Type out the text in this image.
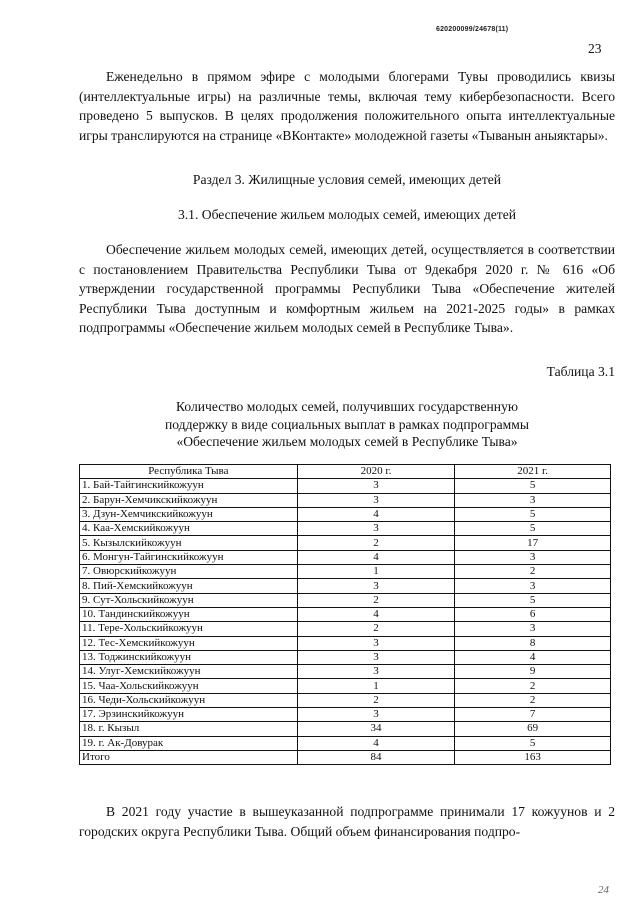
620200099/24678(11)
23

Еженедельно в прямом эфире с молодыми блогерами Тувы проводились квизы (интеллектуальные игры) на различные темы, включая тему кибербезопасности. Всего проведено 5 выпусков. В целях продолжения положительного опыта интеллектуальные игры транслируются на странице «ВКонтакте» молодежной газеты «Тыванын аныяктары».

Раздел 3. Жилищные условия семей, имеющих детей

3.1. Обеспечение жильем молодых семей, имеющих детей

Обеспечение жильем молодых семей, имеющих детей, осуществляется в соответствии с постановлением Правительства Республики Тыва от 9декабря 2020 г. № 616 «Об утверждении государственной программы Республики Тыва «Обеспечение жителей Республики Тыва доступным и комфортным жильем на 2021-2025 годы» в рамках подпрограммы «Обеспечение жильем молодых семей в Республике Тыва».

Таблица 3.1

Количество молодых семей, получивших государственную
поддержку в виде социальных выплат в рамках подпрограммы
«Обеспечение жильем молодых семей в Республике Тыва»
Республика Тыва	2020 г.	2021 г.
1. Бай-Тайгинскийкожуун	3	5
2. Барун-Хемчикскийкожуун	3	3
3. Дзун-Хемчикскийкожуун	4	5
4. Каа-Хемскийкожуун	3	5
5. Кызылскийкожуун	2	17
6. Монгун-Тайгинскийкожуун	4	3
7. Овюрскийкожуун	1	2
8. Пий-Хемскийкожуун	3	3
9. Сут-Хольскийкожуун	2	5
10. Тандинскийкожуун	4	6
11. Тере-Хольскийкожуун	2	3
12. Тес-Хемскийкожуун	3	8
13. Тоджинскийкожуун	3	4
14. Улуг-Хемскийкожуун	3	9
15. Чаа-Хольскийкожуун	1	2
16. Чеди-Хольскийкожуун	2	2
17. Эрзинскийкожуун	3	7
18. г. Кызыл	34	69
19. г. Ак-Довурак	4	5
Итого	84	163

В 2021 году участие в вышеуказанной подпрограмме принимали 17 кожуунов и 2 городских округа Республики Тыва. Общий объем финансирования подпро-

24
